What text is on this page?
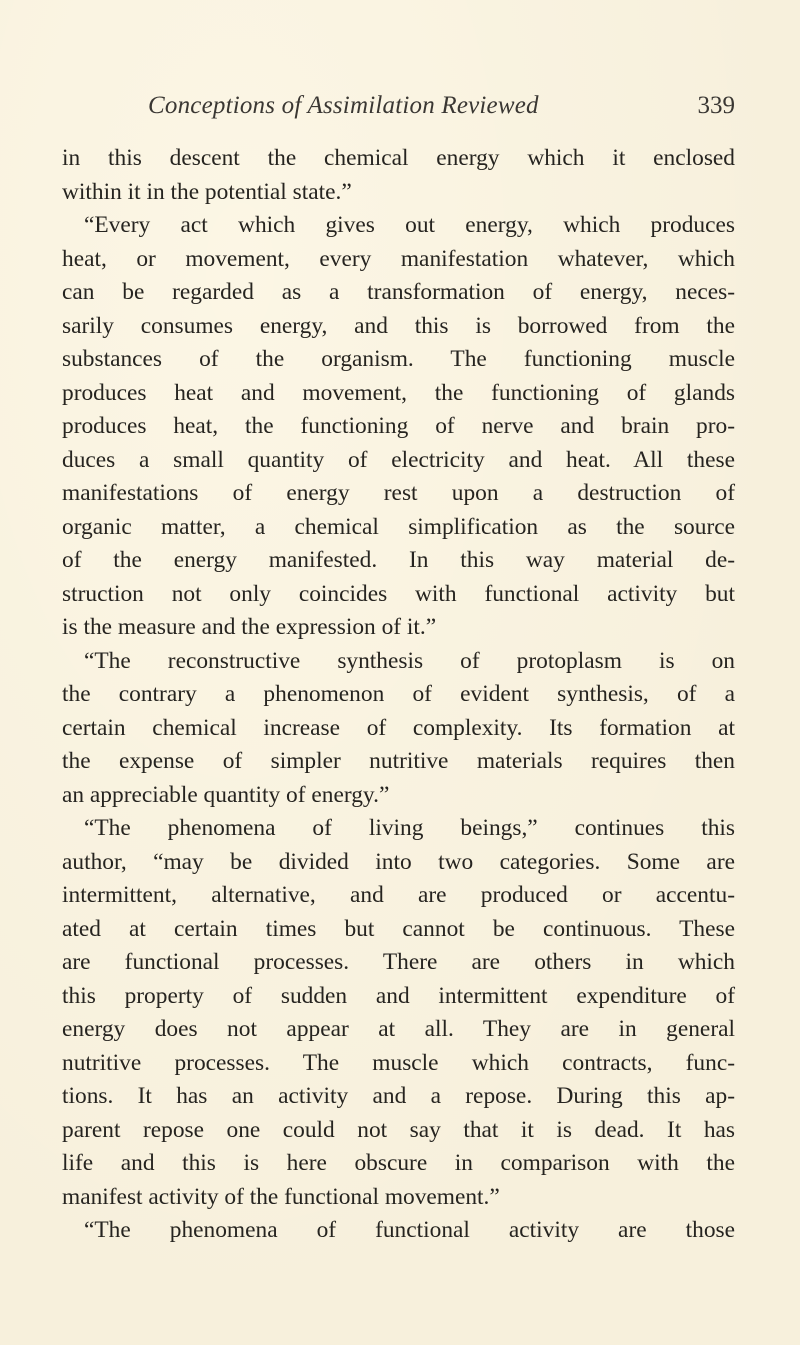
Conceptions of Assimilation Reviewed	339
in this descent the chemical energy which it enclosed
within it in the potential state.”
“Every act which gives out energy, which produces
heat, or movement, every manifestation whatever, which
can be regarded as a transformation of energy, neces-
sarily consumes energy, and this is borrowed from the
substances of the organism. The functioning muscle
produces heat and movement, the functioning of glands
produces heat, the functioning of nerve and brain pro-
duces a small quantity of electricity and heat. All these
manifestations of energy rest upon a destruction of
organic matter, a chemical simplification as the source
of the energy manifested. In this way material de-
struction not only coincides with functional activity but
is the measure and the expression of it.”
“The reconstructive synthesis of protoplasm is on
the contrary a phenomenon of evident synthesis, of a
certain chemical increase of complexity. Its formation at
the expense of simpler nutritive materials requires then
an appreciable quantity of energy.”
“The phenomena of living beings,” continues this
author, “may be divided into two categories. Some are
intermittent, alternative, and are produced or accentu-
ated at certain times but cannot be continuous. These
are functional processes. There are others in which
this property of sudden and intermittent expenditure of
energy does not appear at all. They are in general
nutritive processes. The muscle which contracts, func-
tions. It has an activity and a repose. During this ap-
parent repose one could not say that it is dead. It has
life and this is here obscure in comparison with the
manifest activity of the functional movement.”
“The phenomena of functional activity are those
